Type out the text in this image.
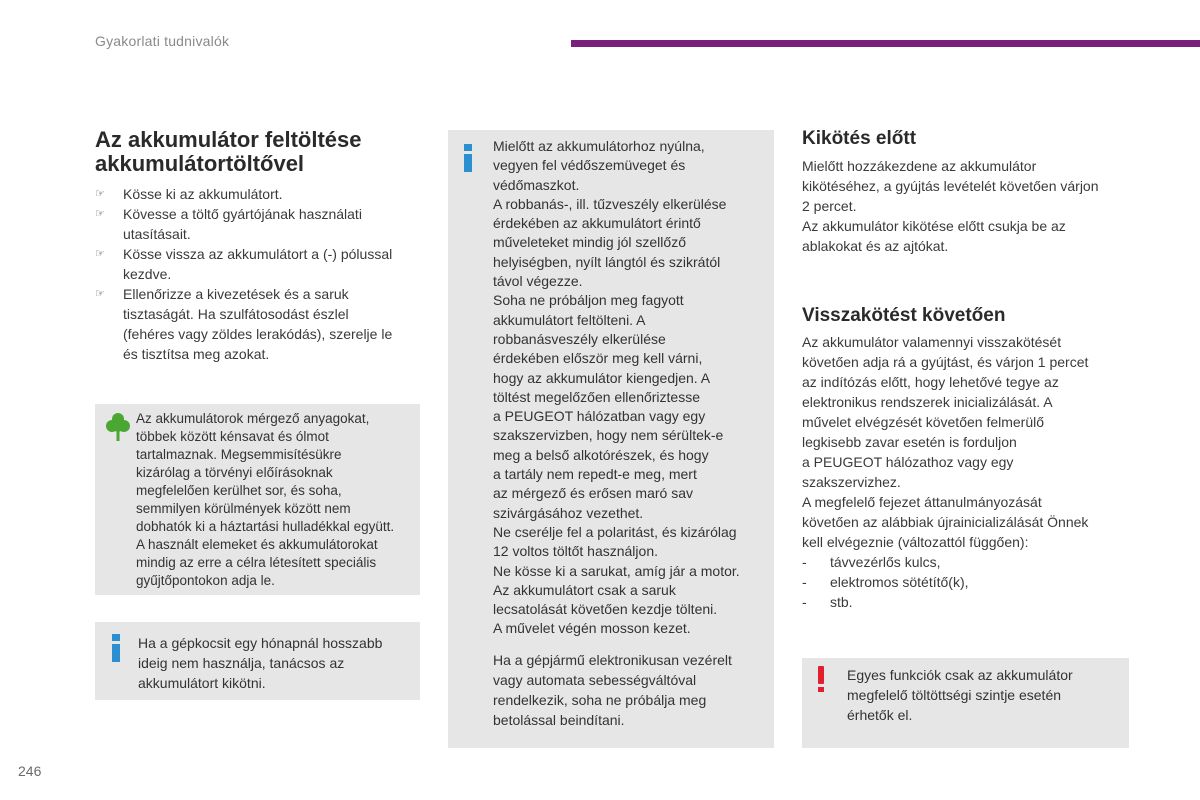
Gyakorlati tudnivalók
Az akkumulátor feltöltése
akkumulátortöltővel
☞ Kösse ki az akkumulátort.
☞ Kövesse a töltő gyártójának használati
utasításait.
☞ Kösse vissza az akkumulátort a (-) pólussal
kezdve.
☞ Ellenőrizze a kivezetések és a saruk
tisztaságát. Ha szulfátosodást észlel
(fehéres vagy zöldes lerakódás), szerelje le
és tisztítsa meg azokat.
Az akkumulátorok mérgező anyagokat,
többek között kénsavat és ólmot
tartalmaznak. Megsemmisítésükre
kizárólag a törvényi előírásoknak
megfelelően kerülhet sor, és soha,
semmilyen körülmények között nem
dobhatók ki a háztartási hulladékkal együtt.
A használt elemeket és akkumulátorokat
mindig az erre a célra létesített speciális
gyűjtőpontokon adja le.
Ha a gépkocsit egy hónapnál hosszabb
ideig nem használja, tanácsos az
akkumulátort kikötni.
Mielőtt az akkumulátorhoz nyúlna,
vegyen fel védőszemüveget és
védőmaszkot.
A robbanás-, ill. tűzveszély elkerülése
érdekében az akkumulátort érintő
műveleteket mindig jól szellőző
helyiségben, nyílt lángtól és szikrától
távol végezze.
Soha ne próbáljon meg fagyott
akkumulátort feltölteni. A
robbanásveszély elkerülése
érdekében először meg kell várni,
hogy az akkumulátor kiengedjen. A
töltést megelőzően ellenőriztesse
a PEUGEOT hálózatban vagy egy
szakszervizben, hogy nem sérültek-e
meg a belső alkotórészek, és hogy
a tartály nem repedt-e meg, mert
az mérgező és erősen maró sav
szivárgásához vezethet.
Ne cserélje fel a polaritást, és kizárólag
12 voltos töltőt használjon.
Ne kösse ki a sarukat, amíg jár a motor.
Az akkumulátort csak a saruk
lecsatolását követően kezdje tölteni.
A művelet végén mosson kezet.
Ha a gépjármű elektronikusan vezérelt
vagy automata sebességváltóval
rendelkezik, soha ne próbálja meg
betolással beindítani.
Kikötés előtt

Mielőtt hozzákezdene az akkumulátor
kikötéséhez, a gyújtás levételét követően várjon
2 percet.
Az akkumulátor kikötése előtt csukja be az
ablakokat és az ajtókat.

Visszakötést követően

Az akkumulátor valamennyi visszakötését
követően adja rá a gyújtást, és várjon 1 percet
az indítózás előtt, hogy lehetővé tegye az
elektronikus rendszerek inicializálását. A
művelet elvégzését követően felmerülő
legkisebb zavar esetén is forduljon
a PEUGEOT hálózathoz vagy egy
szakszervizhez.
A megfelelő fejezet áttanulmányozását
követően az alábbiak újrainicializálását Önnek
kell elvégeznie (változattól függően):

- távvezérlős kulcs,
- elektromos sötétítő(k),
- stb.
Egyes funkciók csak az akkumulátor
megfelelő töltöttségi szintje esetén
érhetők el.
246
